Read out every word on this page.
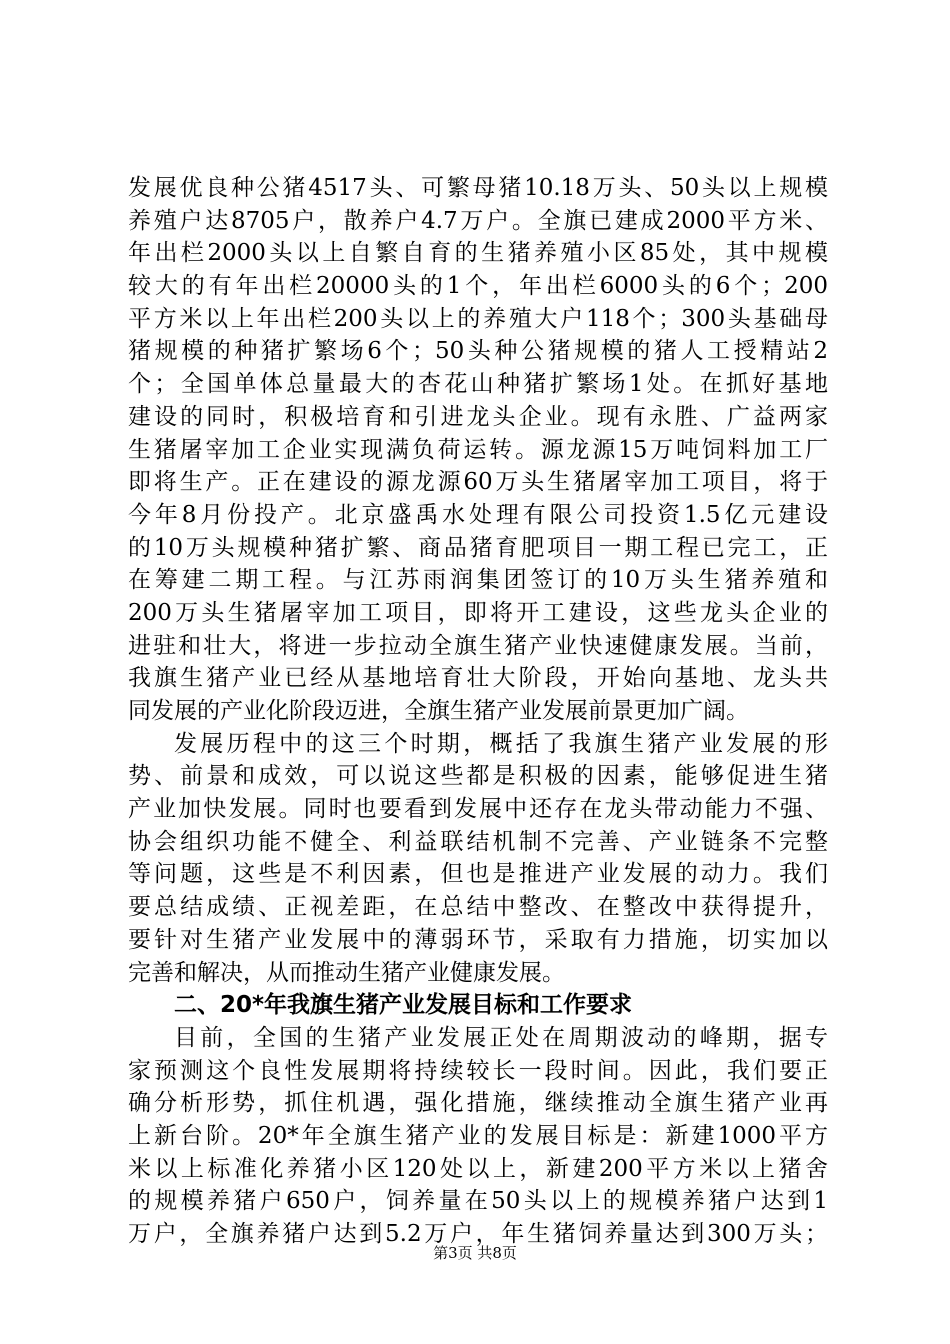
发展优良种公猪4517头、可繁母猪10.18万头、50头以上规模
养殖户达8705户，散养户4.7万户。全旗已建成2000平方米、
年出栏2000头以上自繁自育的生猪养殖小区85处，其中规模
较大的有年出栏20000头的1个，年出栏6000头的6个；200
平方米以上年出栏200头以上的养殖大户118个；300头基础母
猪规模的种猪扩繁场6个；50头种公猪规模的猪人工授精站2
个；全国单体总量最大的杏花山种猪扩繁场1处。在抓好基地
建设的同时，积极培育和引进龙头企业。现有永胜、广益两家
生猪屠宰加工企业实现满负荷运转。源龙源15万吨饲料加工厂
即将生产。正在建设的源龙源60万头生猪屠宰加工项目，将于
今年8月份投产。北京盛禹水处理有限公司投资1.5亿元建设
的10万头规模种猪扩繁、商品猪育肥项目一期工程已完工，正
在筹建二期工程。与江苏雨润集团签订的10万头生猪养殖和
200万头生猪屠宰加工项目，即将开工建设，这些龙头企业的
进驻和壮大，将进一步拉动全旗生猪产业快速健康发展。当前，
我旗生猪产业已经从基地培育壮大阶段，开始向基地、龙头共
同发展的产业化阶段迈进，全旗生猪产业发展前景更加广阔。
发展历程中的这三个时期，概括了我旗生猪产业发展的形
势、前景和成效，可以说这些都是积极的因素，能够促进生猪
产业加快发展。同时也要看到发展中还存在龙头带动能力不强、
协会组织功能不健全、利益联结机制不完善、产业链条不完整
等问题，这些是不利因素，但也是推进产业发展的动力。我们
要总结成绩、正视差距，在总结中整改、在整改中获得提升，
要针对生猪产业发展中的薄弱环节，采取有力措施，切实加以
完善和解决，从而推动生猪产业健康发展。
二、20*年我旗生猪产业发展目标和工作要求
目前，全国的生猪产业发展正处在周期波动的峰期，据专
家预测这个良性发展期将持续较长一段时间。因此，我们要正
确分析形势，抓住机遇，强化措施，继续推动全旗生猪产业再
上新台阶。20*年全旗生猪产业的发展目标是：新建1000平方
米以上标准化养猪小区120处以上，新建200平方米以上猪舍
的规模养猪户650户，饲养量在50头以上的规模养猪户达到1
万户，全旗养猪户达到5.2万户，年生猪饲养量达到300万头；
第3页 共8页
